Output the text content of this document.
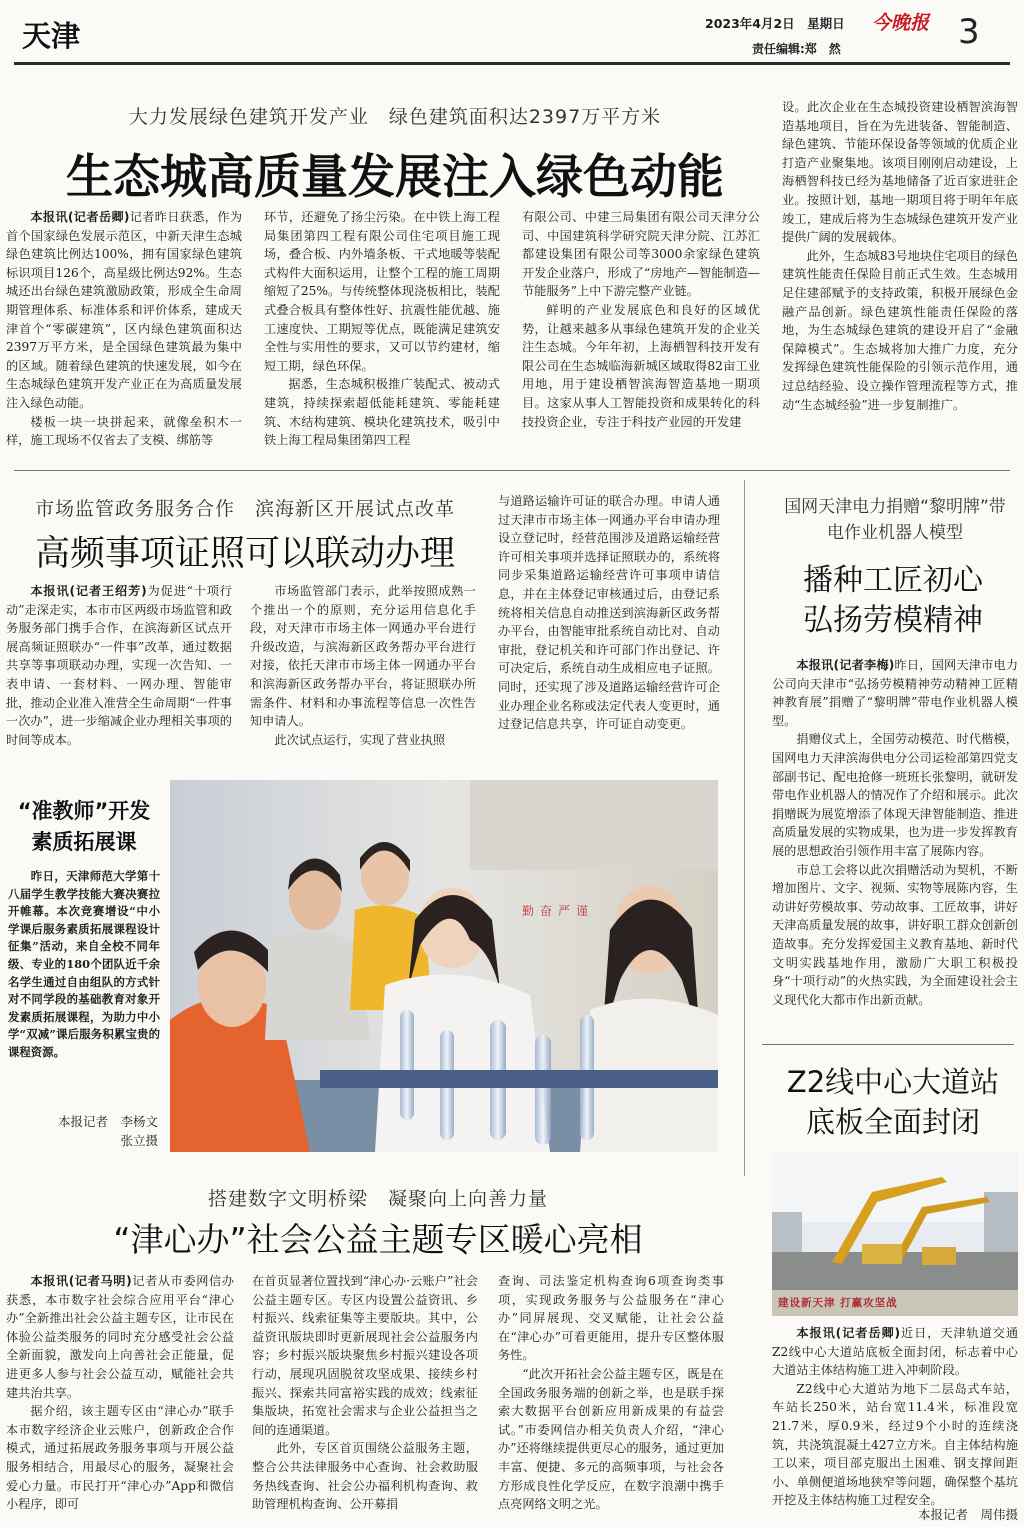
天津	2023年4月2日　星期日 今晚报 3
责任编辑:郑　然
大力发展绿色建筑开发产业　绿色建筑面积达2397万平方米
生态城高质量发展注入绿色动能

本报讯(记者岳卿)记者昨日获悉，作为首个国家绿色发展示范区，中新天津生态城绿色建筑比例达100%，拥有国家绿色建筑标识项目126个，高星级比例达92%。生态城还出台绿色建筑激励政策，形成全生命周期管理体系、标准体系和评价体系，建成天津首个“零碳建筑”，区内绿色建筑面积达2397万平方米，是全国绿色建筑最为集中的区域。随着绿色建筑的快速发展，如今在生态城绿色建筑开发产业正在为高质量发展注入绿色动能。

楼板一块一块拼起来，就像垒积木一样，施工现场不仅省去了支模、绑筋等

环节，还避免了扬尘污染。在中铁上海工程局集团第四工程有限公司住宅项目施工现场，叠合板、内外墙条板、干式地暖等装配式构件大面积运用，让整个工程的施工周期缩短了25%。与传统整体现浇板相比，装配式叠合板具有整体性好、抗震性能优越、施工速度快、工期短等优点，既能满足建筑安全性与实用性的要求，又可以节约建材，缩短工期，绿色环保。

据悉，生态城积极推广装配式、被动式建筑，持续探索超低能耗建筑、零能耗建筑、木结构建筑、模块化建筑技术，吸引中铁上海工程局集团第四工程

有限公司、中建三局集团有限公司天津分公司、中国建筑科学研究院天津分院、江苏汇都建设集团有限公司等3000余家绿色建筑开发企业落户，形成了“房地产—智能制造—节能服务”上中下游完整产业链。

鲜明的产业发展底色和良好的区域优势，让越来越多从事绿色建筑开发的企业关注生态城。今年年初，上海栖智科技开发有限公司在生态城临海新城区域取得82亩工业用地，用于建设栖智滨海智造基地一期项目。这家从事人工智能投资和成果转化的科技投资企业，专注于科技产业园的开发建

设。此次企业在生态城投资建设栖智滨海智造基地项目，旨在为先进装备、智能制造、绿色建筑、节能环保设备等领域的优质企业打造产业聚集地。该项目刚刚启动建设，上海栖智科技已经为基地储备了近百家进驻企业。按照计划，基地一期项目将于明年年底竣工，建成后将为生态城绿色建筑开发产业提供广阔的发展载体。

此外，生态城83号地块住宅项目的绿色建筑性能责任保险目前正式生效。生态城用足住建部赋予的支持政策，积极开展绿色金融产品创新。绿色建筑性能责任保险的落地，为生态城绿色建筑的建设开启了“金融保障模式”。生态城将加大推广力度，充分发挥绿色建筑性能保险的引领示范作用，通过总结经验、设立操作管理流程等方式，推动“生态城经验”进一步复制推广。

市场监管政务服务合作　滨海新区开展试点改革
高频事项证照可以联动办理

本报讯(记者王绍芳)为促进“十项行动”走深走实，本市市区两级市场监管和政务服务部门携手合作，在滨海新区试点开展高频证照联办“一件事”改革，通过数据共享等事项联动办理，实现一次告知、一表申请、一套材料、一网办理、智能审批，推动企业准入准营全生命周期“一件事一次办”，进一步缩减企业办理相关事项的时间等成本。

市场监管部门表示，此举按照成熟一个推出一个的原则，充分运用信息化手段，对天津市市场主体一网通办平台进行升级改造，与滨海新区政务帮办平台进行对接，依托天津市市场主体一网通办平台和滨海新区政务帮办平台，将证照联办所需条件、材料和办事流程等信息一次性告知申请人。

此次试点运行，实现了营业执照

与道路运输许可证的联合办理。申请人通过天津市市场主体一网通办平台申请办理设立登记时，经营范围涉及道路运输经营许可相关事项并选择证照联办的，系统将同步采集道路运输经营许可事项申请信息，并在主体登记审核通过后，由登记系统将相关信息自动推送到滨海新区政务帮办平台，由智能审批系统自动比对、自动审批，登记机关和许可部门作出登记、许可决定后，系统自动生成相应电子证照。同时，还实现了涉及道路运输经营许可企业办理企业名称或法定代表人变更时，通过登记信息共享，许可证自动变更。

国网天津电力捐赠“黎明牌”带电作业机器人模型
播种工匠初心
弘扬劳模精神

本报讯(记者李梅)昨日，国网天津市电力公司向天津市“弘扬劳模精神劳动精神工匠精神教育展”捐赠了“黎明牌”带电作业机器人模型。

捐赠仪式上，全国劳动模范、时代楷模，国网电力天津滨海供电分公司运检部第四党支部副书记、配电抢修一班班长张黎明，就研发带电作业机器人的情况作了介绍和展示。此次捐赠既为展览增添了体现天津智能制造、推进高质量发展的实物成果，也为进一步发挥教育展的思想政治引领作用丰富了展陈内容。

市总工会将以此次捐赠活动为契机，不断增加图片、文字、视频、实物等展陈内容，生动讲好劳模故事、劳动故事、工匠故事，讲好天津高质量发展的故事，讲好职工群众创新创造故事。充分发挥爱国主义教育基地、新时代文明实践基地作用，激励广大职工积极投身“十项行动”的火热实践，为全面建设社会主义现代化大都市作出新贡献。

“准教师”开发
素质拓展课
昨日，天津师范大学第十八届学生教学技能大赛决赛拉开帷幕。本次竞赛增设“中小学课后服务素质拓展课程设计征集”活动，来自全校不同年级、专业的180个团队近千余名学生通过自由组队的方式针对不同学段的基础教育对象开发素质拓展课程，为助力中小学“双减”课后服务积累宝贵的课程资源。
本报记者　李杨文
张立摄
勤奋严谨
Z2线中心大道站
底板全面封闭
建设新天津 打赢攻坚战

本报讯(记者岳卿)近日，天津轨道交通Z2线中心大道站底板全面封闭，标志着中心大道站主体结构施工进入冲刺阶段。

Z2线中心大道站为地下二层岛式车站，车站长250米，站台宽11.4米，标准段宽21.7米，厚0.9米，经过9个小时的连续浇筑，共浇筑混凝土427立方米。自主体结构施工以来，项目部克服出土困难、钢支撑间距小、单侧便道场地狭窄等问题，确保整个基坑开挖及主体结构施工过程安全。

本报记者　周伟摄
搭建数字文明桥梁　凝聚向上向善力量
“津心办”社会公益主题专区暖心亮相

本报讯(记者马明)记者从市委网信办获悉，本市数字社会综合应用平台“津心办”全新推出社会公益主题专区，让市民在体验公益类服务的同时充分感受社会公益全新面貌，激发向上向善社会正能量，促进更多人参与社会公益互动，赋能社会共建共治共享。

据介绍，该主题专区由“津心办”联手本市数字经济企业云账户，创新政企合作模式，通过拓展政务服务事项与开展公益服务相结合，用最尽心的服务，凝聚社会爱心力量。市民打开“津心办”App和微信小程序，即可

在首页显著位置找到“津心办·云账户”社会公益主题专区。专区内设置公益资讯、乡村振兴、线索征集等主要版块。其中，公益资讯版块即时更新展现社会公益服务内容；乡村振兴版块聚焦乡村振兴建设各项行动，展现巩固脱贫攻坚成果、接续乡村振兴、探索共同富裕实践的成效；线索征集版块，拓宽社会需求与企业公益担当之间的连通渠道。

此外，专区首页围绕公益服务主题，整合公共法律服务中心查询、社会救助服务热线查询、社会公办福利机构查询、救助管理机构查询、公开募捐

查询、司法鉴定机构查询6项查询类事项，实现政务服务与公益服务在“津心办”同屏展现、交叉赋能，让社会公益在“津心办”可看更能用，提升专区整体服务性。

“此次开拓社会公益主题专区，既是在全国政务服务端的创新之举，也是联手探索大数据平台创新应用新成果的有益尝试。”市委网信办相关负责人介绍，“津心办”还将继续提供更尽心的服务，通过更加丰富、便捷、多元的高频事项，与社会各方形成良性化学反应，在数字浪潮中携手点亮网络文明之光。
